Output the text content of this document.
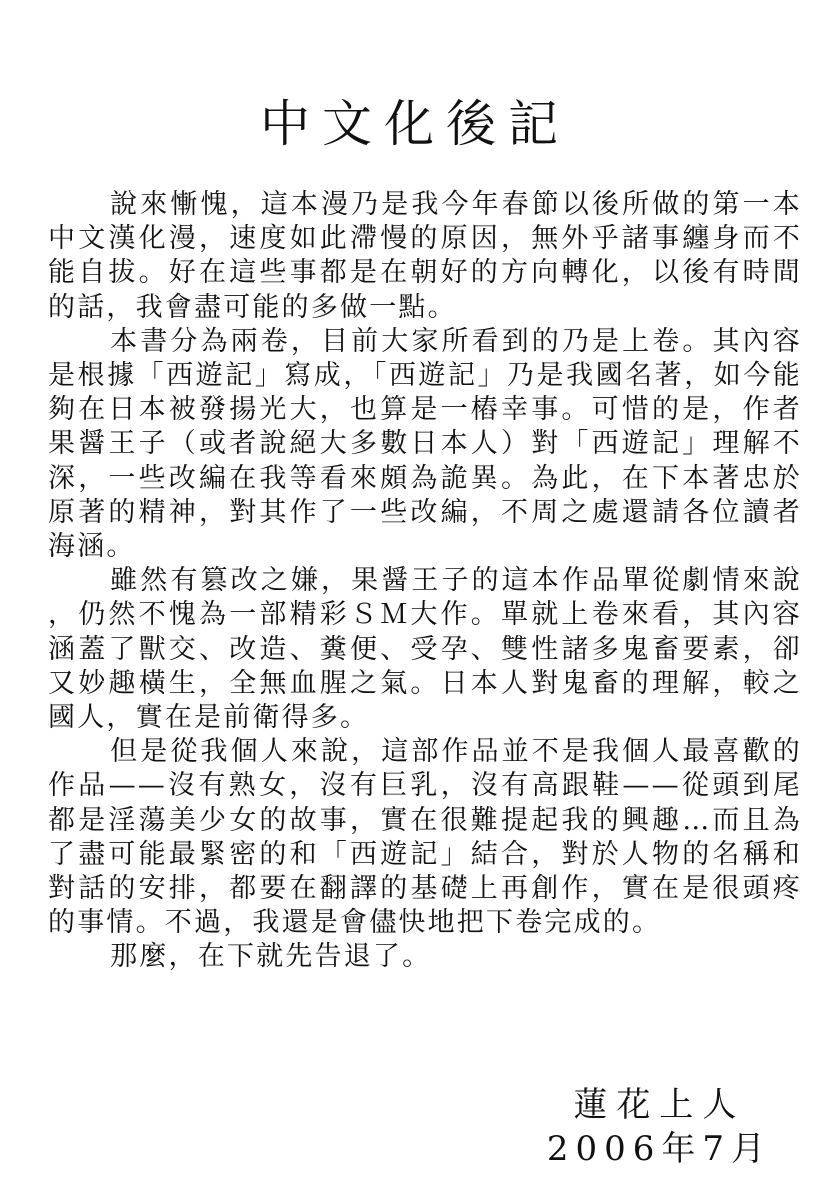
中文化後記

說來慚愧，這本漫乃是我今年春節以後所做的第一本中文漢化漫，速度如此滯慢的原因，無外乎諸事纏身而不能自拔。好在這些事都是在朝好的方向轉化，以後有時間的話，我會盡可能的多做一點。

本書分為兩卷，目前大家所看到的乃是上卷。其內容是根據「西遊記」寫成，「西遊記」乃是我國名著，如今能夠在日本被發揚光大，也算是一樁幸事。可惜的是，作者果醤王子（或者說絕大多數日本人）對「西遊記」理解不深，一些改編在我等看來頗為詭異。為此，在下本著忠於原著的精神，對其作了一些改編，不周之處還請各位讀者海涵。

雖然有篡改之嫌，果醤王子的這本作品單從劇情來說，仍然不愧為一部精彩ＳＭ大作。單就上卷來看，其內容涵蓋了獸交、改造、糞便、受孕、雙性諸多鬼畜要素，卻又妙趣橫生，全無血腥之氣。日本人對鬼畜的理解，較之國人，實在是前衛得多。

但是從我個人來說，這部作品並不是我個人最喜歡的作品——沒有熟女，沒有巨乳，沒有高跟鞋——從頭到尾都是淫蕩美少女的故事，實在很難提起我的興趣…而且為了盡可能最緊密的和「西遊記」結合，對於人物的名稱和對話的安排，都要在翻譯的基礎上再創作，實在是很頭疼的事情。不過，我還是會儘快地把下卷完成的。

那麼，在下就先告退了。

蓮花上人
2006年7月
